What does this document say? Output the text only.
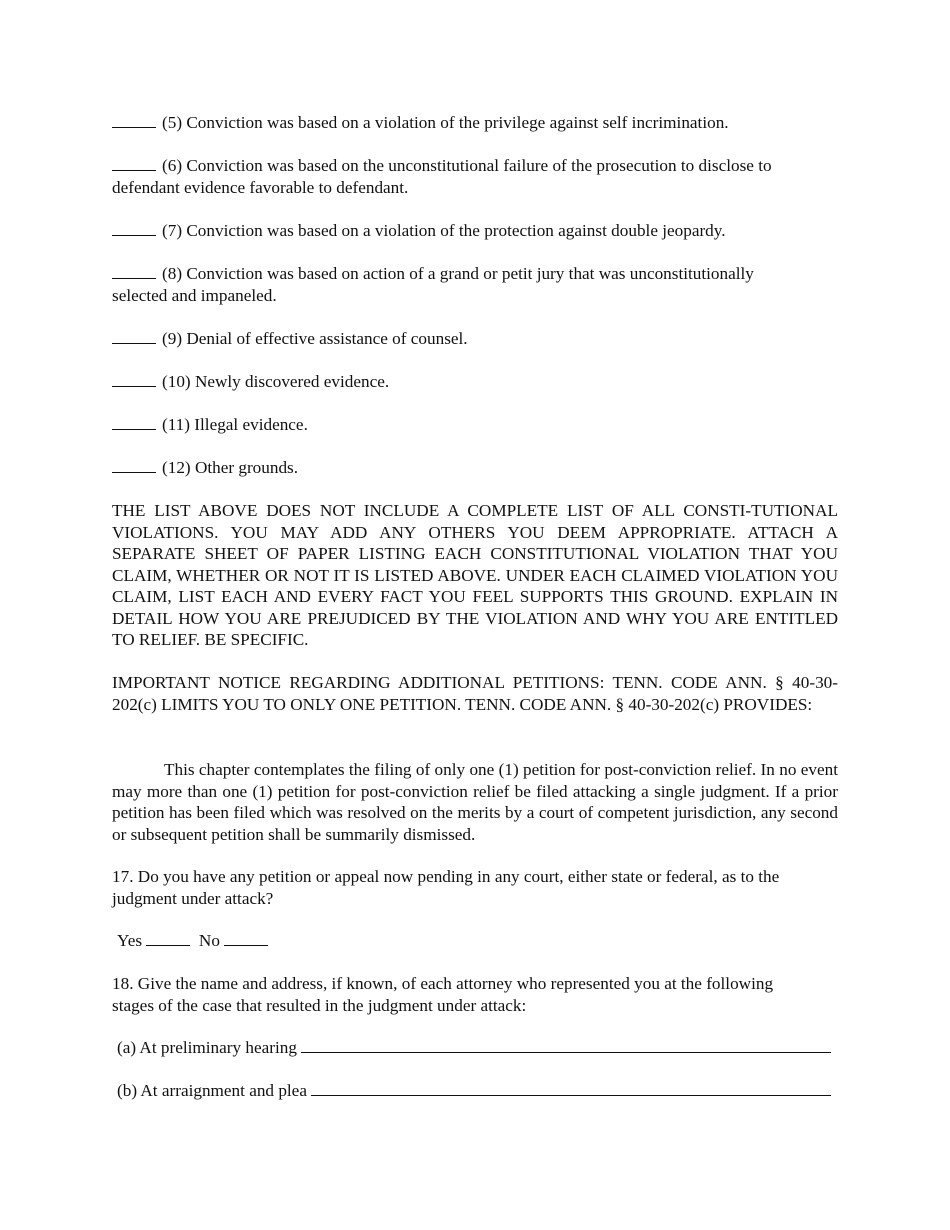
(5) Conviction was based on a violation of the privilege against self incrimination.

(6) Conviction was based on the unconstitutional failure of the prosecution to disclose to
defendant evidence favorable to defendant.

(7) Conviction was based on a violation of the protection against double jeopardy.

(8) Conviction was based on action of a grand or petit jury that was unconstitutionally
selected and impaneled.

(9) Denial of effective assistance of counsel.

(10) Newly discovered evidence.

(11) Illegal evidence.

(12) Other grounds.

THE LIST ABOVE DOES NOT INCLUDE A COMPLETE LIST OF ALL CONSTI-TUTIONAL VIOLATIONS. YOU MAY ADD ANY OTHERS YOU DEEM APPROPRIATE. ATTACH A SEPARATE SHEET OF PAPER LISTING EACH CONSTITUTIONAL VIOLATION THAT YOU CLAIM, WHETHER OR NOT IT IS LISTED ABOVE. UNDER EACH CLAIMED VIOLATION YOU CLAIM, LIST EACH AND EVERY FACT YOU FEEL SUPPORTS THIS GROUND. EXPLAIN IN DETAIL HOW YOU ARE PREJUDICED BY THE VIOLATION AND WHY YOU ARE ENTITLED TO RELIEF. BE SPECIFIC.

IMPORTANT NOTICE REGARDING ADDITIONAL PETITIONS: TENN. CODE ANN. § 40-30-202(c) LIMITS YOU TO ONLY ONE PETITION. TENN. CODE ANN. § 40-30-202(c) PROVIDES:

This chapter contemplates the filing of only one (1) petition for post-conviction relief. In no event may more than one (1) petition for post-conviction relief be filed attacking a single judgment. If a prior petition has been filed which was resolved on the merits by a court of competent jurisdiction, any second or subsequent petition shall be summarily dismissed.

17. Do you have any petition or appeal now pending in any court, either state or federal, as to the
judgment under attack?

Yes	No

18. Give the name and address, if known, of each attorney who represented you at the following
stages of the case that resulted in the judgment under attack:
(a) At preliminary hearing
(b) At arraignment and plea
